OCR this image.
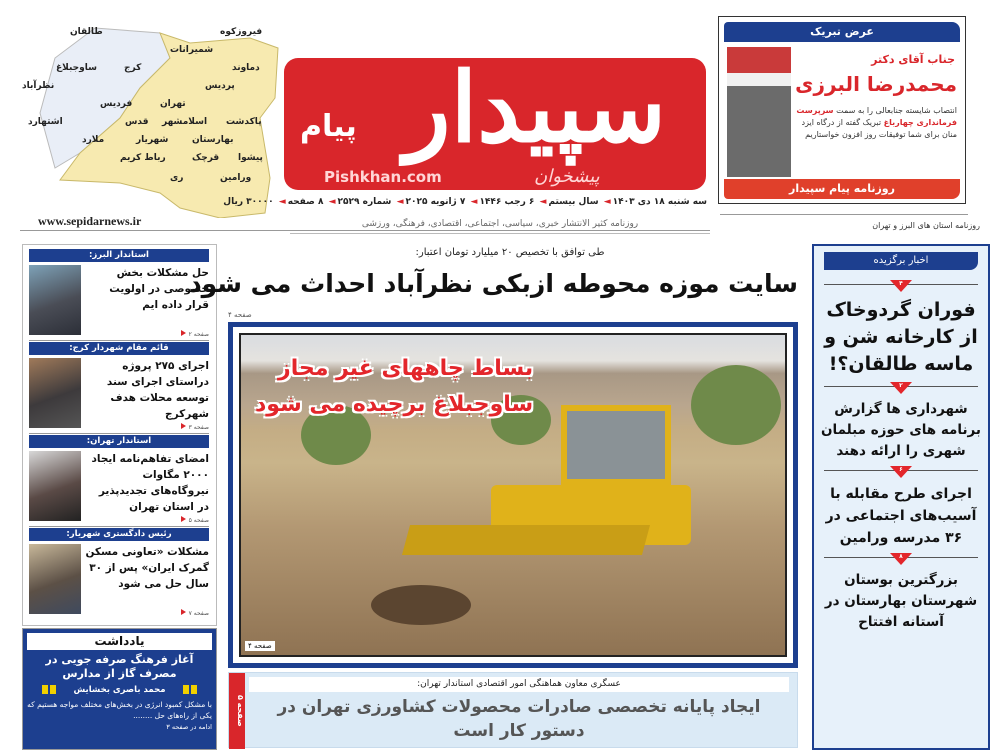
طالقان
ساوجبلاغ	کرج
نظرآباد
فردیس
اشتهارد
شمیرانات
فیروزکوه
دماوند
پردیس
تهران
قدس اسلامشهر
ملارد	شهریار	بهارستان
رباط کریم	قرچک
پاکدشت
پیشوا
ری	ورامین
www.sepidarnews.ir
سپیدار
پیام
پیشخوان
Pishkhan.com
سه شنبه ۱۸ دی ۱۴۰۳◄ سال بیستم◄ ۶ رجب ۱۴۴۶◄ ۷ ژانویه ۲۰۲۵◄ شماره ۲۵۲۹◄ ۸ صفحه◄ ۳۰۰۰۰ ریال
روزنامه کثیر الانتشار خبری، سیاسی، اجتماعی، اقتصادی، فرهنگی، ورزشی
عرض تبریک
جناب آقای دکتر
محمدرضا البرزی
انتصاب شایسته جنابعالی را به سمت سرپرست فرمانداری چهارباغ تبریک گفته از درگاه ایزد منان برای شما توفیقات روز افزون خواستاریم
روزنامه پیام سپیدار
روزنامه استان های البرز و تهران
طی توافق با تخصیص ۲۰ میلیارد تومان اعتبار:
بساط چاههای غیر مجاز
ساوجبلاغ برچیده می شود
صفحه ۴
سایت موزه محوطه ازبکی نظرآباد احداث می شود
صفحه ۴
صفحه ۵
عسگری معاون هماهنگی امور اقتصادی استاندار تهران:
ایجاد پایانه تخصصی صادرات محصولات کشاورزی تهران در دستور کار است
استاندار البرز:
حل مشکلات بخش خصوصی در اولویت قرار داده ایم
صفحه ۲
قائم مقام شهردار کرج:
اجرای ۲۷۵ پروژه دراستای اجرای سند توسعه محلات هدف شهرکرج
صفحه ۳
استاندار تهران:
امضای تفاهم‌نامه ایجاد ۲۰۰۰ مگاوات نیروگاه‌های تجدیدپذیر در استان تهران
صفحه ۵
رئیس دادگستری شهریار:
مشکلات «تعاونی مسکن گمرک ایران» پس از ۳۰ سال حل می شود
صفحه ۷
یادداشت
آغاز فرهنگ صرفه جویی در مصرف گاز از مدارس
محمد باصری بخشایش
با مشکل کمبود انرژی در بخش‌های مختلف مواجه هستیم که یکی از راه‌های حل ........
ادامه در صفحه ۳
اخبار برگزیده
۴
فوران گردوخاک از کارخانه شن و ماسه طالقان؟!
۲
شهرداری ها گزارش برنامه های حوزه مبلمان شهری را ارائه دهند
۶
اجرای طرح مقابله با آسیب‌های اجتماعی در ۳۶ مدرسه ورامین
۸
بزرگترین بوستان شهرستان بهارستان در آستانه افتتاح
